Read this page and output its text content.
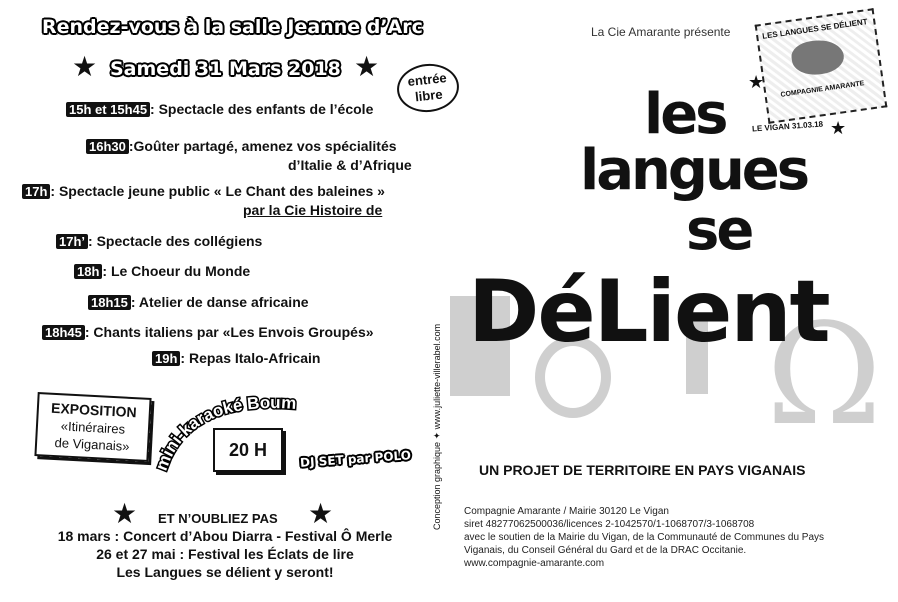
Rendez-vous à la salle Jeanne d’Arc
★ Samedi 31 Mars 2018 ★	entrée
libre
15h et 15h45 : Spectacle des enfants de l’école
16h30 :Goûter partagé, amenez vos spécialités
d’Italie & d’Afrique
17h : Spectacle jeune public « Le Chant des baleines »
par la Cie Histoire de
17h’ : Spectacle des collégiens
18h : Le Choeur du Monde
18h15 : Atelier de danse africaine
18h45 : Chants italiens par «Les Envois Groupés»
19h : Repas Italo-Africain
EXPOSITION
«Itinéraires
de Viganais»
mini-karaoké Boum
20 H	DJ SET par POLO
★ ET N’OUBLIEZ PAS ★
18 mars : Concert d’Abou Diarra - Festival Ô Merle
26 et 27 mai : Festival les Éclats de lire
Les Langues se délient y seront!
Conception graphique ✦ www.juliette-villerabel.com
La Cie Amarante présente	LES LANGUES SE DÉLIENT
COMPAGNIE AMARANTE
LE VIGAN 31.03.18
★
★
les
langues
se
Ω
DéLient
UN PROJET DE TERRITOIRE EN PAYS VIGANAIS
Compagnie Amarante / Mairie 30120 Le Vigan
siret 48277062500036/licences 2-1042570/1-1068707/3-1068708
avec le soutien de la Mairie du Vigan, de la Communauté de Communes du Pays
Viganais, du Conseil Général du Gard et de la DRAC Occitanie.
www.compagnie-amarante.com
